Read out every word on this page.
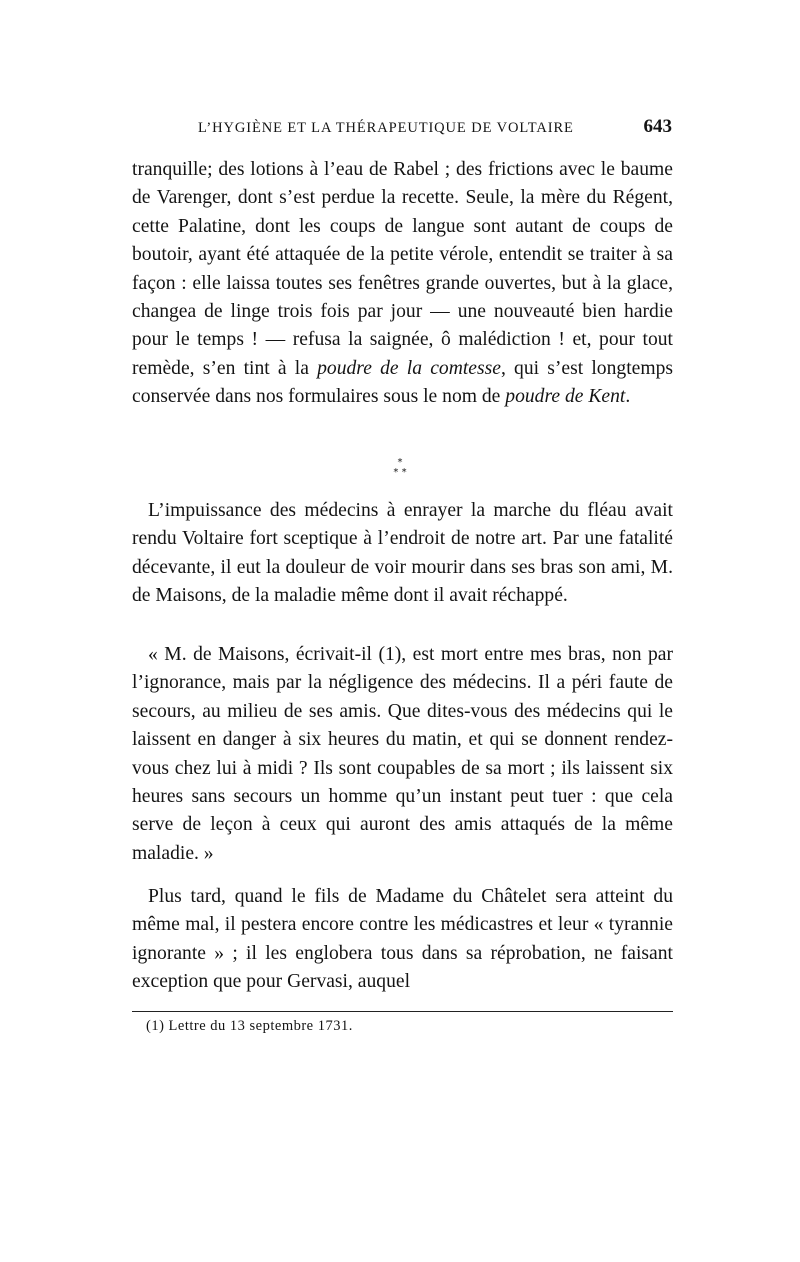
L’HYGIÈNE ET LA THÉRAPEUTIQUE DE VOLTAIRE	643

tranquille; des lotions à l’eau de Rabel ; des frictions avec le baume de Varenger, dont s’est perdue la recette. Seule, la mère du Régent, cette Palatine, dont les coups de langue sont autant de coups de boutoir, ayant été attaquée de la petite vérole, entendit se traiter à sa façon : elle laissa toutes ses fenêtres grande ouvertes, but à la glace, changea de linge trois fois par jour — une nouveauté bien hardie pour le temps ! — refusa la saignée, ô malédiction ! et, pour tout remède, s’en tint à la poudre de la comtesse, qui s’est longtemps conservée dans nos formulaires sous le nom de poudre de Kent.

*
* *

L’impuissance des médecins à enrayer la marche du fléau avait rendu Voltaire fort sceptique à l’endroit de notre art. Par une fatalité décevante, il eut la douleur de voir mourir dans ses bras son ami, M. de Maisons, de la maladie même dont il avait réchappé.

« M. de Maisons, écrivait-il (1), est mort entre mes bras, non par l’ignorance, mais par la négligence des médecins. Il a péri faute de secours, au milieu de ses amis. Que dites-vous des médecins qui le laissent en danger à six heures du matin, et qui se donnent rendez-vous chez lui à midi ? Ils sont coupables de sa mort ; ils laissent six heures sans secours un homme qu’un instant peut tuer : que cela serve de leçon à ceux qui auront des amis attaqués de la même maladie. »

Plus tard, quand le fils de Madame du Châtelet sera atteint du même mal, il pestera encore contre les médicastres et leur « tyrannie ignorante » ; il les englobera tous dans sa réprobation, ne faisant exception que pour Gervasi, auquel

(1) Lettre du 13 septembre 1731.
